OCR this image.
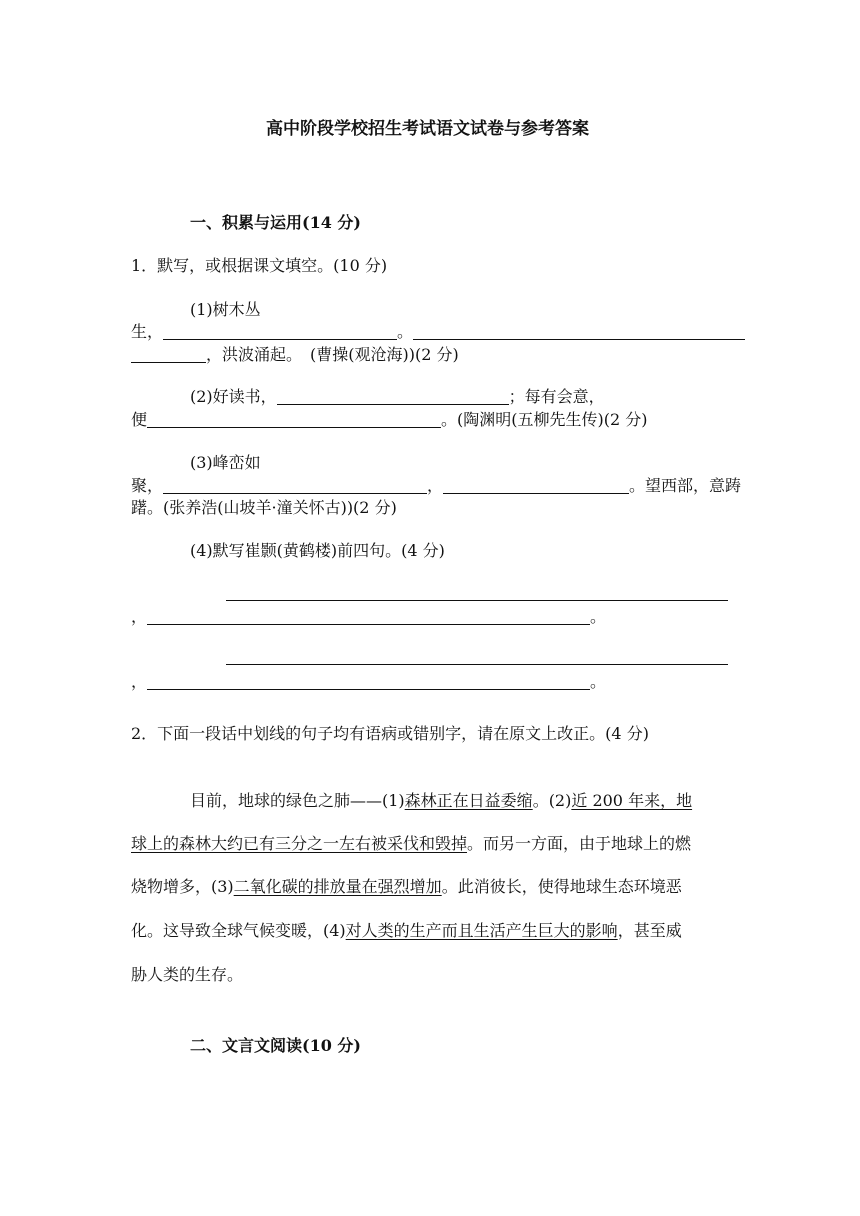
高中阶段学校招生考试语文试卷与参考答案
一、积累与运用(14 分)
1．默写，或根据课文填空。(10 分)
(1)树木丛
生，	。
，洪波涌起。　(曹操(观沧海))(2 分)
(2)好读书，	；每有会意，
便	。(陶渊明(五柳先生传)(2 分)
(3)峰峦如
聚，	，	。望西部，意踌
躇。(张养浩(山坡羊·潼关怀古))(2 分)
(4)默写崔颢(黄鹤楼)前四句。(4 分)
，	。
，	。
2．下面一段话中划线的句子均有语病或错别字，请在原文上改正。(4 分)
目前，地球的绿色之肺——(1)森林正在日益委缩。(2)近 200 年来，地
球上的森林大约已有三分之一左右被采伐和毁掉。而另一方面，由于地球上的燃
烧物增多，(3)二氧化碳的排放量在强烈增加。此消彼长，使得地球生态环境恶
化。这导致全球气候变暖，(4)对人类的生产而且生活产生巨大的影响，甚至威
胁人类的生存。
二、文言文阅读(10 分)
